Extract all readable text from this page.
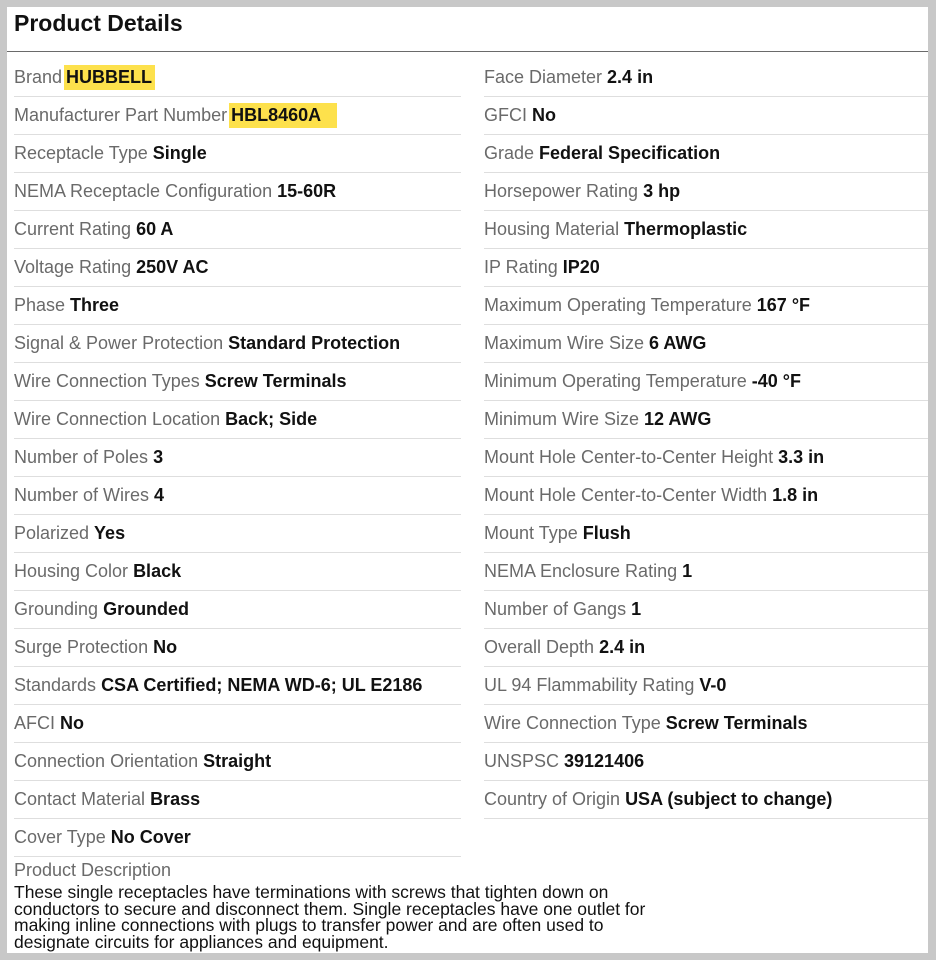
Product Details
Brand HUBBELL
Manufacturer Part Number HBL8460A
Receptacle Type Single
NEMA Receptacle Configuration 15-60R
Current Rating 60 A
Voltage Rating 250V AC
Phase Three
Signal & Power Protection Standard Protection
Wire Connection Types Screw Terminals
Wire Connection Location Back; Side
Number of Poles 3
Number of Wires 4
Polarized Yes
Housing Color Black
Grounding Grounded
Surge Protection No
Standards CSA Certified; NEMA WD-6; UL E2186
AFCI No
Connection Orientation Straight
Contact Material Brass
Cover Type No Cover
Face Diameter 2.4 in
GFCI No
Grade Federal Specification
Horsepower Rating 3 hp
Housing Material Thermoplastic
IP Rating IP20
Maximum Operating Temperature 167 °F
Maximum Wire Size 6 AWG
Minimum Operating Temperature -40 °F
Minimum Wire Size 12 AWG
Mount Hole Center-to-Center Height 3.3 in
Mount Hole Center-to-Center Width 1.8 in
Mount Type Flush
NEMA Enclosure Rating 1
Number of Gangs 1
Overall Depth 2.4 in
UL 94 Flammability Rating V-0
Wire Connection Type Screw Terminals
UNSPSC 39121406
Country of Origin USA (subject to change)
Product Description
These single receptacles have terminations with screws that tighten down on conductors to secure and disconnect them. Single receptacles have one outlet for making inline connections with plugs to transfer power and are often used to designate circuits for appliances and equipment.
